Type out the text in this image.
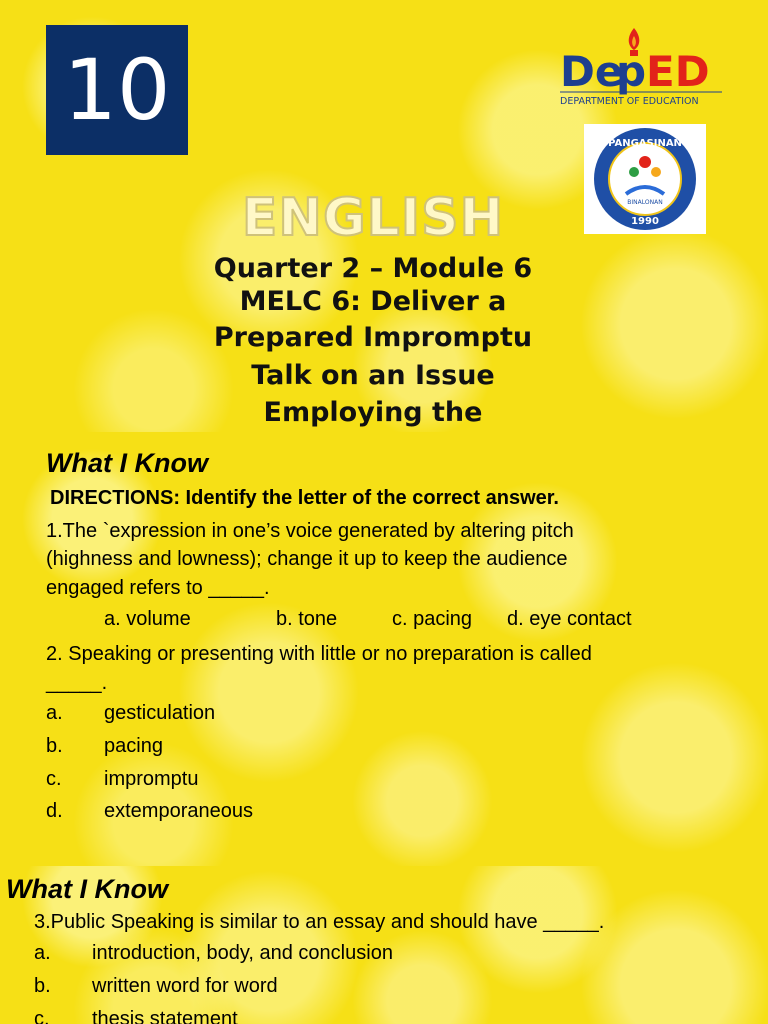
10	De
p ED
DEPARTMENT OF EDUCATION
PANGASINAN
1990
BINALONAN
ENGLISH
Quarter 2 – Module 6
MELC 6: Deliver a
Prepared Impromptu
Talk on an Issue
Employing the
What I Know
DIRECTIONS: Identify the letter of the correct answer.
1.The `expression in one’s voice generated by altering pitch
(highness and lowness); change it up to keep the audience
engaged refers to _____.
a. volume	b. tone	c. pacing d. eye contact
2. Speaking or presenting with little or no preparation is called
_____.
a. gesticulation
b. pacing
c. impromptu
d. extemporaneous
What I Know
3.Public Speaking is similar to an essay and should have _____.
a. introduction, body, and conclusion
b. written word for word
c. thesis statement
